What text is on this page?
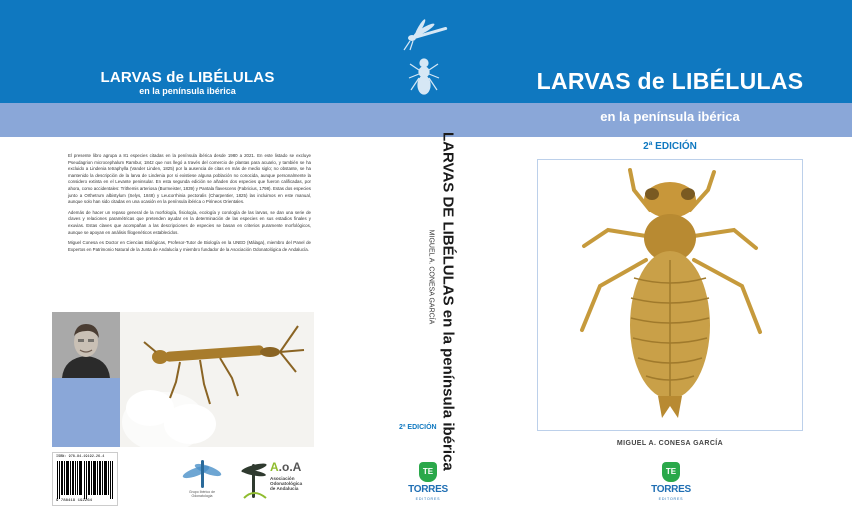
LARVAS de LIBÉLULAS
en la península ibérica

El presente libro agrupa a 81 especies citadas en la península ibérica desde 1980 a 2021. En este listado se excluye Pseudagrion microcephalum Rambur, 1842 que nos llegó a través del comercio de plantas para acuario, y también se ha excluido a Lindenia tetraphylla (Vander Linden, 1825) por la ausencia de citas en más de medio siglo; no obstante, se ha mantenido la descripción de la larva de Lindenia por si existiese alguna población no conocida, aunque personalmente la considero extinta en el Levante peninsular. En esta segunda edición se añaden dos especies que fueron calificadas, por ahora, como accidentales: Trithemis arteriosa (Burmeister, 1839) y Pantala flavescens (Fabricius, 1798). Estas dos especies junto a Orthetrum albistylum (Selys, 1848) y Leucorrhinia pectoralis (Charpentier, 1825) las incluimos en este manual, aunque solo han sido citadas en una ocasión en la península ibérica o Pirineos Orientales.

Además de hacer un repaso general de la morfología, fisiología, ecología y corología de las larvas, se dan una serie de claves y relaciones paramétricas que pretenden ayudar en la determinación de las especies en sus estadios finales y exuvias. Estas claves que acompañan a las descripciones de especies se basan en criterios puramente morfológicos, aunque se apoyan en análisis filogenéticos establecidos.

Miguel Conesa es Doctor en Ciencias Biológicas, Profesor-Tutor de Biología en la UNED (Málaga), miembro del Panel de Expertos en Patrimonio Natural de la Junta de Andalucía y miembro fundador de la Asociación Odonatológica de Andalucía.

ISBN: 978-84-19192-26-4
9 788419 192264
Grupo Ibérico de
Odonatología
A.o.A
Asociación
Odonatológica
de Andalucía
LARVAS DE LIBÉLULAS en la península ibérica
MIGUEL A. CONESA GARCÍA
2ª EDICIÓN
TE
TORRES
EDITORES
LARVAS de LIBÉLULAS
en la península ibérica
2ª EDICIÓN
MIGUEL A. CONESA GARCÍA
TE
TORRES
EDITORES
